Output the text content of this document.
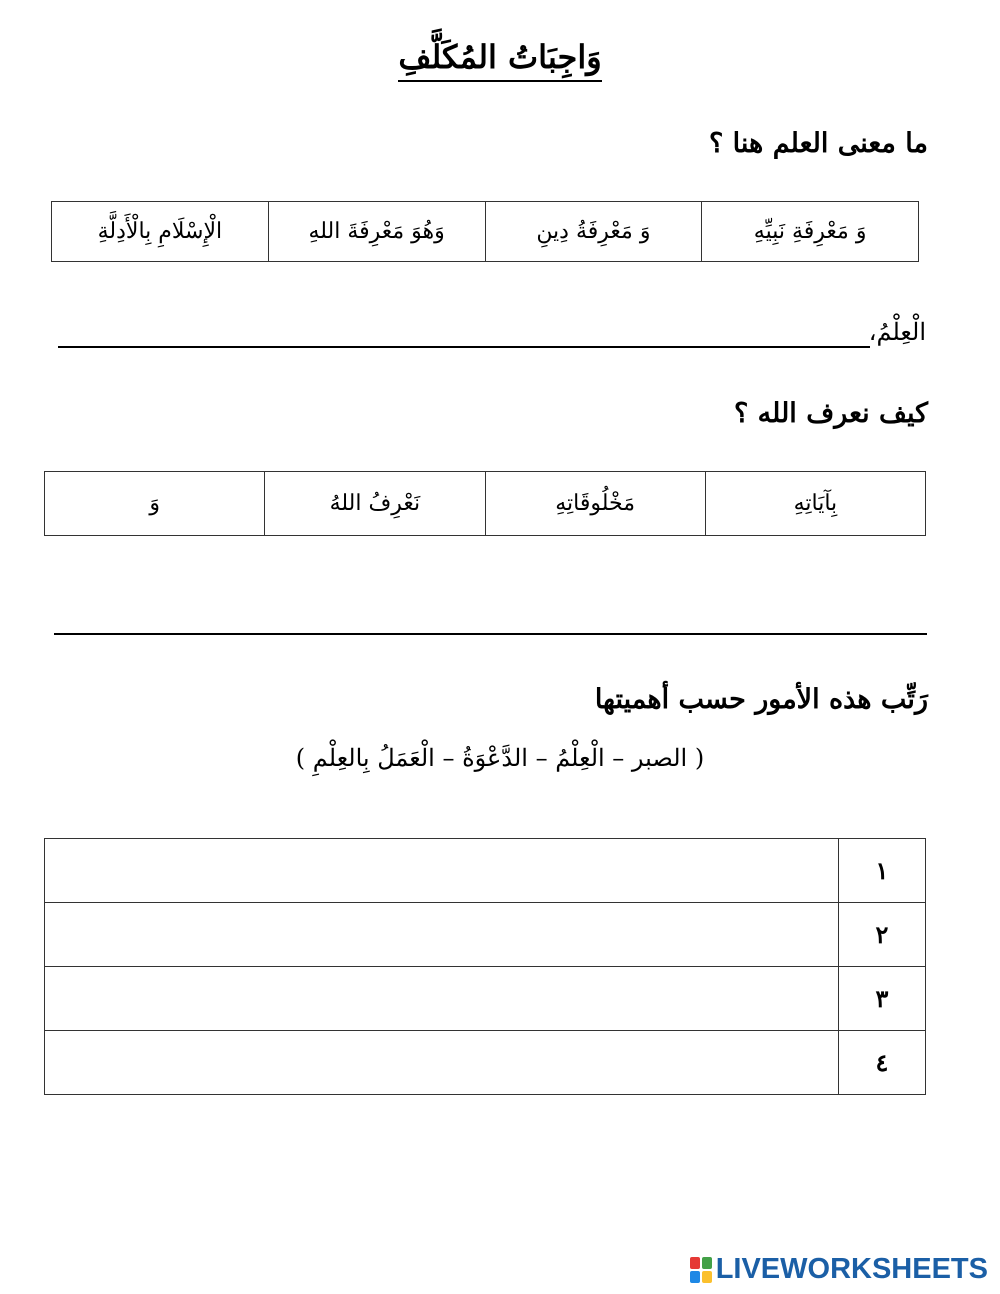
وَاجِبَاتُ المُكَلَّفِ
ما معنى العلم هنا ؟
وَ مَعْرِفَةِ نَبِيِّهِ	وَ مَعْرِفَةُ دِينِ	وَهُوَ مَعْرِفَةَ اللهِ	الْإِسْلَامِ بِالْأَدِلَّةِ
الْعِلْمُ،
كيف نعرف الله ؟
بِآيَاتِهِ	مَخْلُوقَاتِهِ	نَعْرِفُ اللهُ	وَ
رَتِّب هذه الأمور حسب أهميتها
( الصبر – الْعِلْمُ – الدَّعْوَةُ – الْعَمَلُ بِالعِلْمِ )
١	
٢	
٣	
٤	
LIVEWORKSHEETS
